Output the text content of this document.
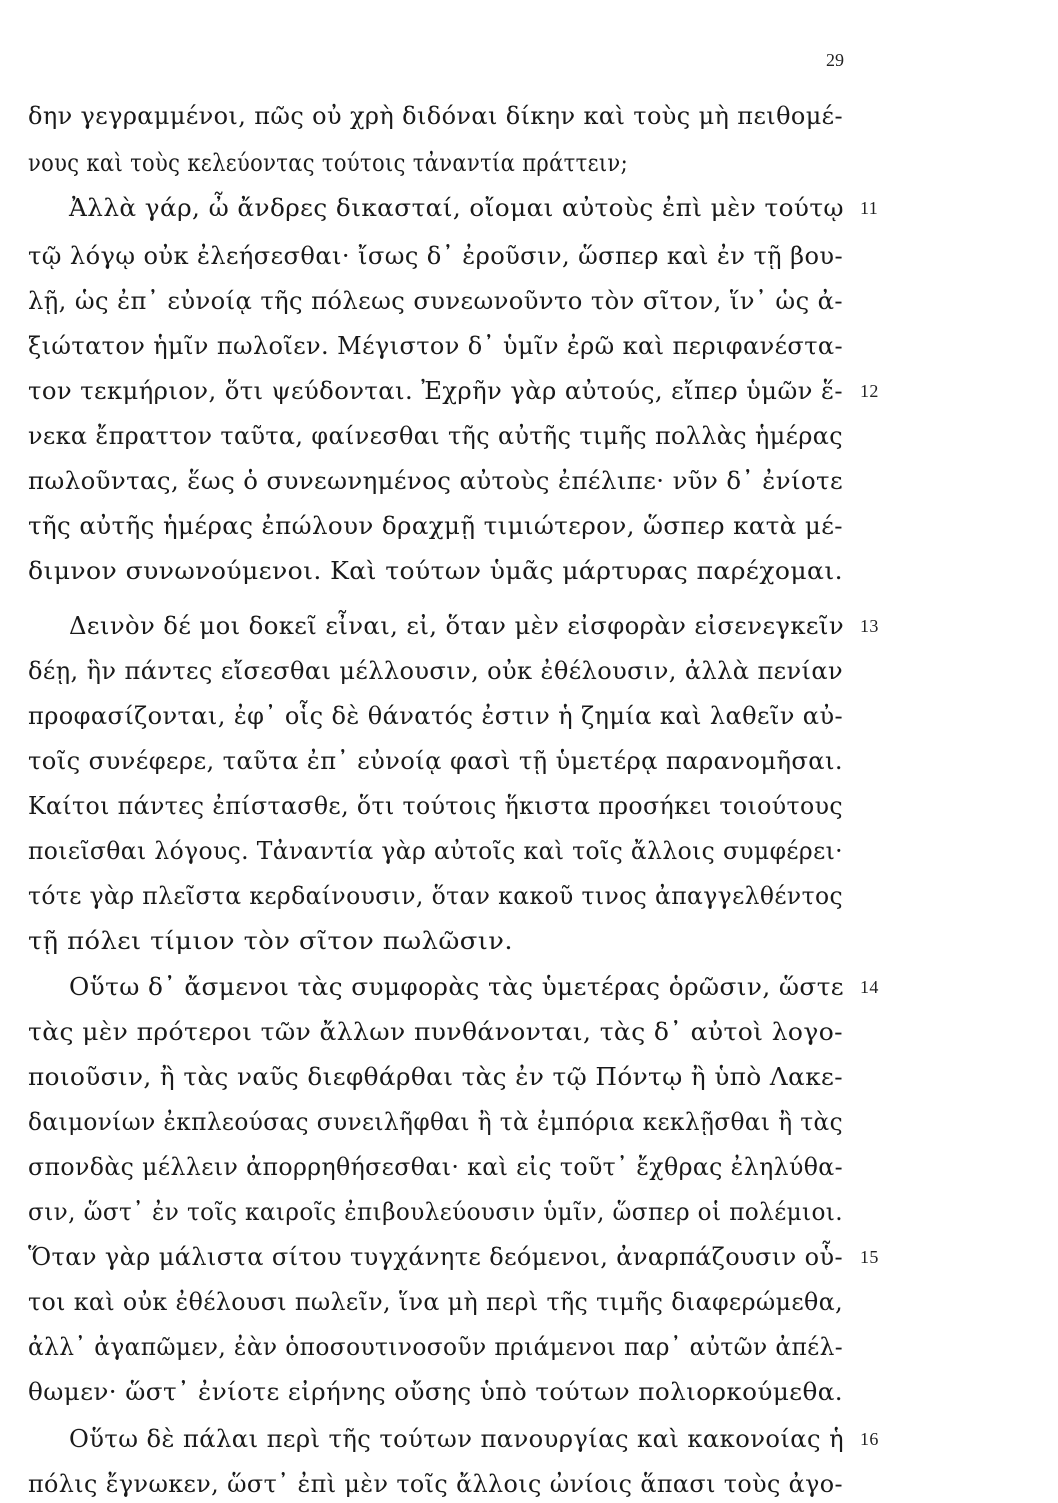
29
δην γεγραμμένοι, πῶς οὐ χρὴ διδόναι δίκην καὶ τοὺς μὴ πειθομέ-
νους καὶ τοὺς κελεύοντας τούτοις τἀναντία πράττειν;
Ἀλλὰ γάρ, ὦ ἄνδρες δικασταί, οἴομαι αὐτοὺς ἐπὶ μὲν τούτῳ 11
τῷ λόγῳ οὐκ ἐλεήσεσθαι· ἴσως δ᾽ ἐροῦσιν, ὥσπερ καὶ ἐν τῇ βου-
λῇ, ὡς ἐπ᾽ εὐνοίᾳ τῆς πόλεως συνεωνοῦντο τὸν σῖτον, ἵν᾽ ὡς ἀ-
ξιώτατον ἡμῖν πωλοῖεν. Μέγιστον δ᾽ ὑμῖν ἐρῶ καὶ περιφανέστα-
τον τεκμήριον, ὅτι ψεύδονται. Ἐχρῆν γὰρ αὐτούς, εἴπερ ὑμῶν ἕ- 12
νεκα ἔπραττον ταῦτα, φαίνεσθαι τῆς αὐτῆς τιμῆς πολλὰς ἡμέρας
πωλοῦντας, ἕως ὁ συνεωνημένος αὐτοὺς ἐπέλιπε· νῦν δ᾽ ἐνίοτε
τῆς αὐτῆς ἡμέρας ἐπώλουν δραχμῇ τιμιώτερον, ὥσπερ κατὰ μέ-
διμνον συνωνούμενοι. Καὶ τούτων ὑμᾶς μάρτυρας παρέχομαι.
Δεινὸν δέ μοι δοκεῖ εἶναι, εἰ, ὅταν μὲν εἰσφορὰν εἰσενεγκεῖν 13
δέῃ, ἣν πάντες εἴσεσθαι μέλλουσιν, οὐκ ἐθέλουσιν, ἀλλὰ πενίαν
προφασίζονται, ἐφ᾽ οἷς δὲ θάνατός ἐστιν ἡ ζημία καὶ λαθεῖν αὐ-
τοῖς συνέφερε, ταῦτα ἐπ᾽ εὐνοίᾳ φασὶ τῇ ὑμετέρᾳ παρανομῆσαι.
Καίτοι πάντες ἐπίστασθε, ὅτι τούτοις ἥκιστα προσήκει τοιούτους
ποιεῖσθαι λόγους. Τἀναντία γὰρ αὐτοῖς καὶ τοῖς ἄλλοις συμφέρει·
τότε γὰρ πλεῖστα κερδαίνουσιν, ὅταν κακοῦ τινος ἀπαγγελθέντος
τῇ πόλει τίμιον τὸν σῖτον πωλῶσιν.
Οὕτω δ᾽ ἄσμενοι τὰς συμφορὰς τὰς ὑμετέρας ὁρῶσιν, ὥστε 14
τὰς μὲν πρότεροι τῶν ἄλλων πυνθάνονται, τὰς δ᾽ αὐτοὶ λογο-
ποιοῦσιν, ἢ τὰς ναῦς διεφθάρθαι τὰς ἐν τῷ Πόντῳ ἢ ὑπὸ Λακε-
δαιμονίων ἐκπλεούσας συνειλῆφθαι ἢ τὰ ἐμπόρια κεκλῇσθαι ἢ τὰς
σπονδὰς μέλλειν ἀπορρηθήσεσθαι· καὶ εἰς τοῦτ᾽ ἔχθρας ἐληλύθα-
σιν, ὥστ᾽ ἐν τοῖς καιροῖς ἐπιβουλεύουσιν ὑμῖν, ὥσπερ οἱ πολέμιοι.
Ὅταν γὰρ μάλιστα σίτου τυγχάνητε δεόμενοι, ἀναρπάζουσιν οὗ- 15
τοι καὶ οὐκ ἐθέλουσι πωλεῖν, ἵνα μὴ περὶ τῆς τιμῆς διαφερώμεθα,
ἀλλ᾽ ἀγαπῶμεν, ἐὰν ὁποσουτινοσοῦν πριάμενοι παρ᾽ αὐτῶν ἀπέλ-
θωμεν· ὥστ᾽ ἐνίοτε εἰρήνης οὔσης ὑπὸ τούτων πολιορκούμεθα.
Οὕτω δὲ πάλαι περὶ τῆς τούτων πανουργίας καὶ κακονοίας ἡ 16
πόλις ἔγνωκεν, ὥστ᾽ ἐπὶ μὲν τοῖς ἄλλοις ὠνίοις ἅπασι τοὺς ἀγο-
